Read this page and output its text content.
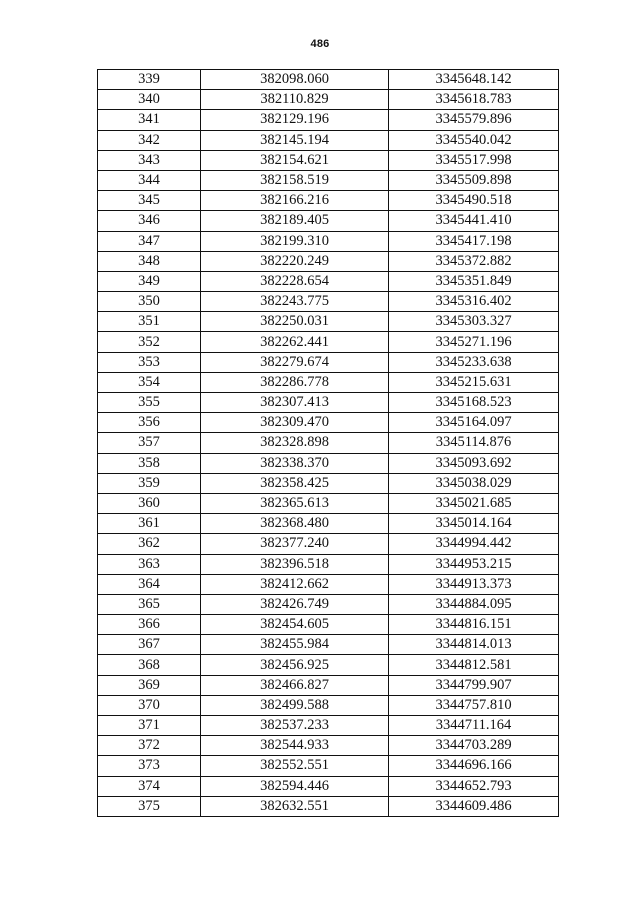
486
339	382098.060	3345648.142
340	382110.829	3345618.783
341	382129.196	3345579.896
342	382145.194	3345540.042
343	382154.621	3345517.998
344	382158.519	3345509.898
345	382166.216	3345490.518
346	382189.405	3345441.410
347	382199.310	3345417.198
348	382220.249	3345372.882
349	382228.654	3345351.849
350	382243.775	3345316.402
351	382250.031	3345303.327
352	382262.441	3345271.196
353	382279.674	3345233.638
354	382286.778	3345215.631
355	382307.413	3345168.523
356	382309.470	3345164.097
357	382328.898	3345114.876
358	382338.370	3345093.692
359	382358.425	3345038.029
360	382365.613	3345021.685
361	382368.480	3345014.164
362	382377.240	3344994.442
363	382396.518	3344953.215
364	382412.662	3344913.373
365	382426.749	3344884.095
366	382454.605	3344816.151
367	382455.984	3344814.013
368	382456.925	3344812.581
369	382466.827	3344799.907
370	382499.588	3344757.810
371	382537.233	3344711.164
372	382544.933	3344703.289
373	382552.551	3344696.166
374	382594.446	3344652.793
375	382632.551	3344609.486
